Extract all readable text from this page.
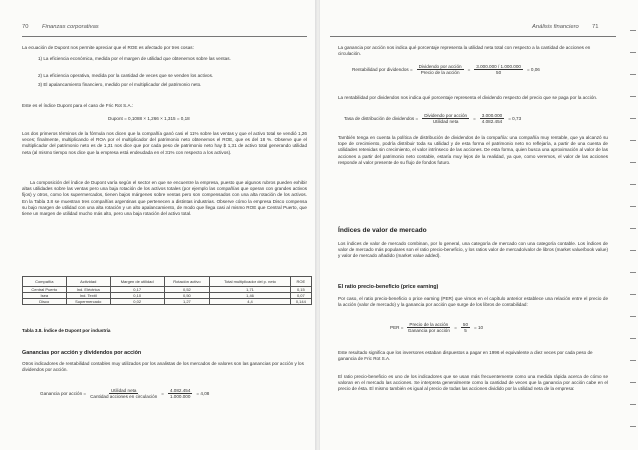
70 Finanzas corporativas
La ecuación de Dupont nos permite apreciar que el ROE es afectado por tres cosas:
1) La eficiencia económica, medida por el margen de utilidad que obtenemos sobre las ventas.
2) La eficiencia operativa, medida por la cantidad de veces que se venden los activos.
3) El apalancamiento financiero, medido por el multiplicador del patrimonio neto.
Este es el índice Dupont para el caso de Fric Rot S.A.:
Dupont = 0,1088 × 1,266 × 1,315 = 0,18
Los dos primeros términos de la fórmula nos dicen que la compañía ganó casi el 11% sobre las ventas y que el activo total se vendió 1,26 veces; finalmente, multiplicando el ROA por el multiplicador del patrimonio neto obtenemos el ROE, que es del 18 %. Observe que el multiplicador del patrimonio neto es de 1,31 nos dice que por cada peso de patrimonio neto hay $ 1,31 de activo total generando utilidad neta (al mismo tiempo nos dice que la empresa está endeudada en el 31% con respecto a los activos).
La composición del índice de Dupont varía según el sector en que se encuentre la empresa, puesto que algunos rubros pueden exhibir altas utilidades sobre las ventas pero una baja rotación de los activos totales (por ejemplo las compañías que operan con grandes activos fijos) y otros, como los supermercados, tienen bajos márgenes sobre ventas pero son compensados con una alta rotación de los activos. En la Tabla 3.8 se muestran tres compañías argentinas que pertenecen a distintas industrias. Observe cómo la empresa Disco compensa su bajo margen de utilidad con una alta rotación y un alto apalancamiento, de modo que llega casi al mismo ROE que Central Puerto, que tiene un margen de utilidad mucho más alto, pero una baja rotación del activo total.
Compañía	Actividad	Margen de utilidad	Rotación activo	Total multiplicador del p. neto	ROE
Central Puerto	Ind. Eléctrica	0,17	0,52	1,71	0,15
Isea	Ind. Textil	0,10	0,50	1,46	0,07
Disco	Supermercado	0,02	1,27	4,4	0,144
Tabla 3.8. Índice de Dupont por industria
Ganancias por acción y dividendos por acción
Otros indicadores de rentabilidad contables muy utilizados por los analistas de los mercados de valores son las ganancias por acción y los dividendos por acción.
Ganancia por acción = $\frac{\text{Utilidad neta}}{\text{Cantidad acciones en circulación}} = \frac{4.082.454}{1.000.000} = 4,08$
Análisis financiero 71
La ganancia por acción nos indica qué porcentaje representa la utilidad neta total con respecto a la cantidad de acciones en circulación.
Rentabilidad por dividendos = $\frac{\text{Dividendo por acción}}{\text{Precio de la acción}} = \frac{3.000.000 / 1.000.000}{50} = 0,06$
La rentabilidad por dividendos nos indica qué porcentaje representa el dividendo respecto del precio que se paga por la acción.
Tasa de distribución de dividendos = $\frac{\text{Dividendo por acción}}{\text{Utilidad neta}} = \frac{3.000.000}{4.082.454} = 0,73$
También tenga en cuenta la política de distribución de dividendos de la compañía: una compañía muy rentable, que ya alcanzó su tope de crecimiento, podría distribuir toda su utilidad y de esta forma el patrimonio neto no reflejaría, a partir de una cuenta de utilidades retenidas sin crecimiento, el valor intrínseco de las acciones. De esta forma, quien busca una aproximación al valor de las acciones a partir del patrimonio neto contable, estaría muy lejos de la realidad, ya que, como veremos, el valor de las acciones responde al valor presente de su flujo de fondos futuro.
Índices de valor de mercado
Los índices de valor de mercado combinan, por lo general, una categoría de mercado con una categoría contable. Los índices de valor de mercado más populares son el ratio precio-beneficio, y los ratios valor de mercado/valor de libros (market value/book value) y valor de mercado añadido (market value added).
El ratio precio-beneficio (price earning)
Por caso, el ratio precio-beneficio o price earning (PER) que vimos en el capítulo anterior establece una relación entre el precio de la acción (valor de mercado) y la ganancia por acción que surge de los libros de contabilidad:
PER = $\frac{\text{Precio de la acción}}{\text{Ganancia por acción}} = \frac{50}{5} = 10$
Este resultado significa que los inversores estaban dispuestos a pagar en 1996 el equivalente a diez veces por cada peso de ganancia de Fric Rot S.A.
El ratio precio-beneficio es uno de los indicadores que se usan más frecuentemente como una medida rápida acerca de cómo se valoran en el mercado las acciones. Se interpreta generalmente como la cantidad de veces que la ganancia por acción cabe en el precio de ésta. El mismo también es igual al precio de todas las acciones dividido por la utilidad neta de la empresa:
